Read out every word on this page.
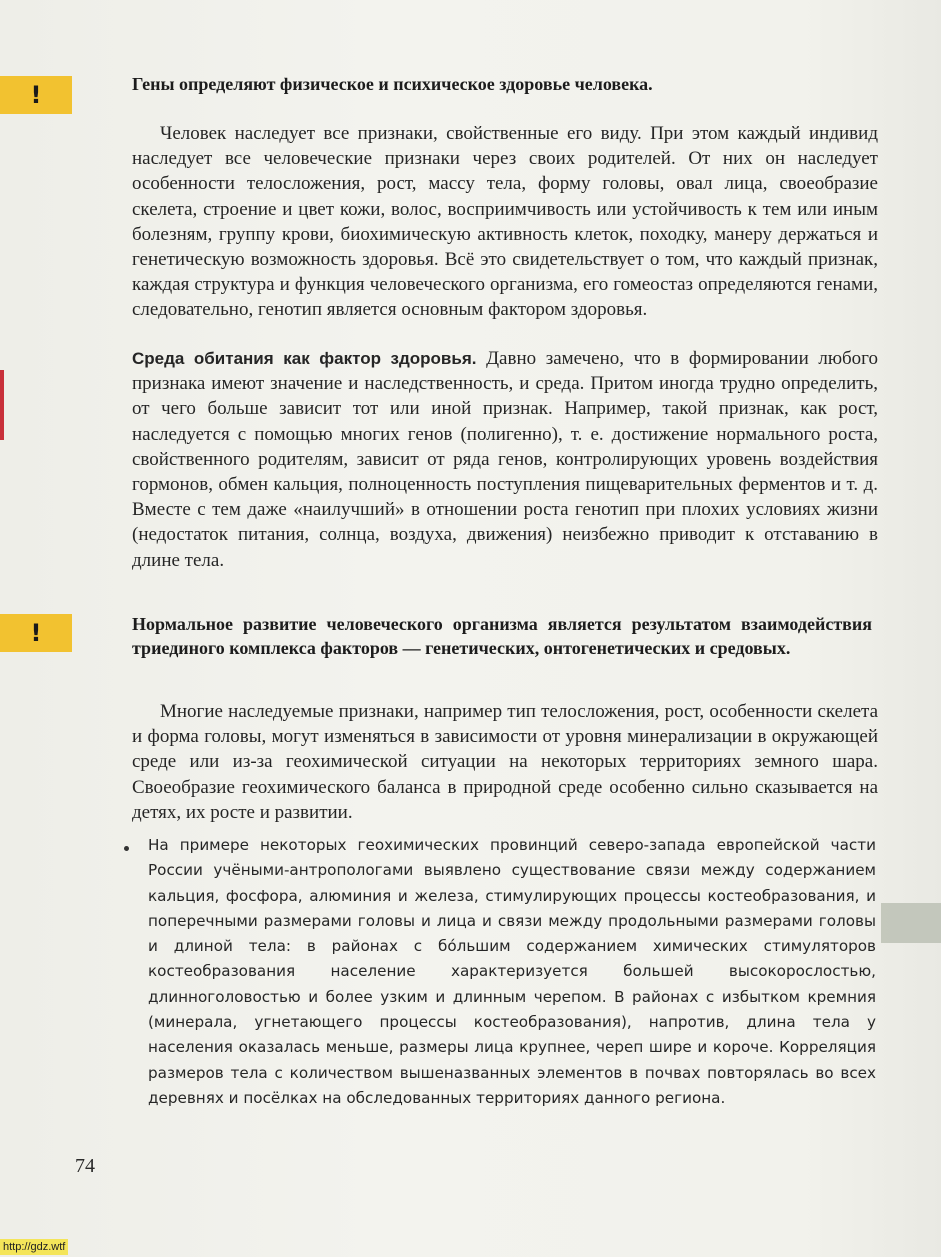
!	Гены определяют физическое и психическое здоровье человека.

Человек наследует все признаки, свойственные его виду. При этом каждый индивид наследует все человеческие признаки через своих родителей. От них он наследует особенности телосложения, рост, массу тела, форму головы, овал лица, своеобразие скелета, строение и цвет кожи, волос, восприимчивость или устойчивость к тем или иным болезням, группу крови, биохимическую активность клеток, походку, манеру держаться и генетическую возможность здоровья. Всё это свидетельствует о том, что каждый признак, каждая структура и функция человеческого организма, его гомеостаз определяются генами, следовательно, генотип является основным фактором здоровья.

Среда обитания как фактор здоровья. Давно замечено, что в формировании любого признака имеют значение и наследственность, и среда. Притом иногда трудно определить, от чего больше зависит тот или иной признак. Например, такой признак, как рост, наследуется с помощью многих генов (полигенно), т. е. достижение нормального роста, свойственного родителям, зависит от ряда генов, контролирующих уровень воздействия гормонов, обмен кальция, полноценность поступления пищеварительных ферментов и т. д. Вместе с тем даже «наилучший» в отношении роста генотип при плохих условиях жизни (недостаток питания, солнца, воздуха, движения) неизбежно приводит к отставанию в длине тела.

!	Нормальное развитие человеческого организма является результатом взаимодействия триединого комплекса факторов — генетических, онтогенетических и средовых.

Многие наследуемые признаки, например тип телосложения, рост, особенности скелета и форма головы, могут изменяться в зависимости от уровня минерализации в окружающей среде или из-за геохимической ситуации на некоторых территориях земного шара. Своеобразие геохимического баланса в природной среде особенно сильно сказывается на детях, их росте и развитии.

На примере некоторых геохимических провинций северо-запада европейской части России учёными-антропологами выявлено существование связи между содержанием кальция, фосфора, алюминия и железа, стимулирующих процессы костеобразования, и поперечными размерами головы и лица и связи между продольными размерами головы и длиной тела: в районах с бо́льшим содержанием химических стимуляторов костеобразования население характеризуется большей высокорослостью, длинноголовостью и более узким и длинным черепом. В районах с избытком кремния (минерала, угнетающего процессы костеобразования), напротив, длина тела у населения оказалась меньше, размеры лица крупнее, череп шире и короче. Корреляция размеров тела с количеством вышеназванных элементов в почвах повторялась во всех деревнях и посёлках на обследованных территориях данного региона.
74
http://gdz.wtf
